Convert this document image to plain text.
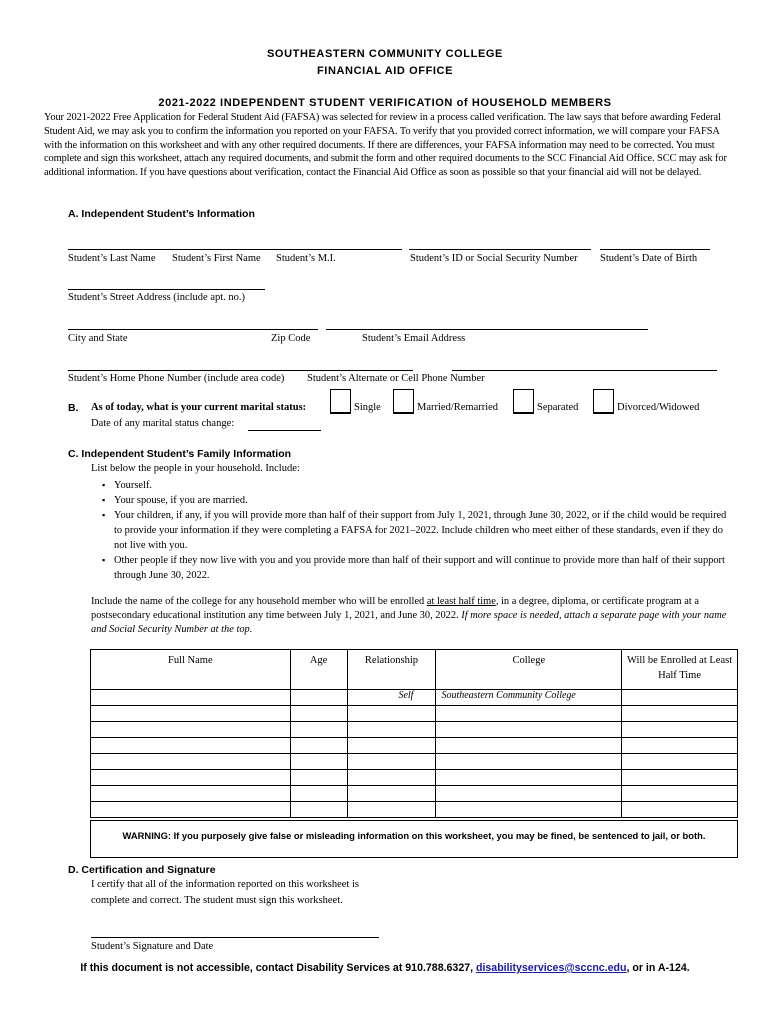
SOUTHEASTERN COMMUNITY COLLEGE
FINANCIAL AID OFFICE
2021-2022 INDEPENDENT STUDENT VERIFICATION of HOUSEHOLD MEMBERS
Your 2021-2022 Free Application for Federal Student Aid (FAFSA) was selected for review in a process called verification. The law says that before awarding Federal Student Aid, we may ask you to confirm the information you reported on your FAFSA. To verify that you provided correct information, we will compare your FAFSA with the information on this worksheet and with any other required documents. If there are differences, your FAFSA information may need to be corrected. You must complete and sign this worksheet, attach any required documents, and submit the form and other required documents to the SCC Financial Aid Office. SCC may ask for additional information. If you have questions about verification, contact the Financial Aid Office as soon as possible so that your financial aid will not be delayed.
A. Independent Student’s Information
Student’s Last Name Student’s First Name Student’s M.I.	Student’s ID or Social Security Number Student’s Date of Birth
Student’s Street Address (include apt. no.)
City and State	Zip Code	Student’s Email Address
Student’s Home Phone Number (include area code) Student’s Alternate or Cell Phone Number
B. As of today, what is your current marital status:	Single	Married/Remarried	Separated	Divorced/Widowed
Date of any marital status change:
C. Independent Student’s Family Information
List below the people in your household. Include:
▪ Yourself.
▪ Your spouse, if you are married.
▪ Your children, if any, if you will provide more than half of their support from July 1, 2021, through June 30, 2022, or if the child would be required to provide your information if they were completing a FAFSA for 2021–2022. Include children who meet either of these standards, even if they do not live with you.
▪ Other people if they now live with you and you provide more than half of their support and will continue to provide more than half of their support through June 30, 2022.
Include the name of the college for any household member who will be enrolled at least half time, in a degree, diploma, or certificate program at a postsecondary educational institution any time between July 1, 2021, and June 30, 2022. If more space is needed, attach a separate page with your name and Social Security Number at the top.
Full Name	Age	Relationship	College	Will be Enrolled at Least Half Time
		Self	Southeastern Community College	

WARNING: If you purposely give false or misleading information on this worksheet, you may be fined, be sentenced to jail, or both.
D. Certification and Signature
I certify that all of the information reported on this worksheet is
complete and correct. The student must sign this worksheet.
Student’s Signature and Date
If this document is not accessible, contact Disability Services at 910.788.6327, disabilityservices@sccnc.edu, or in A-124.
